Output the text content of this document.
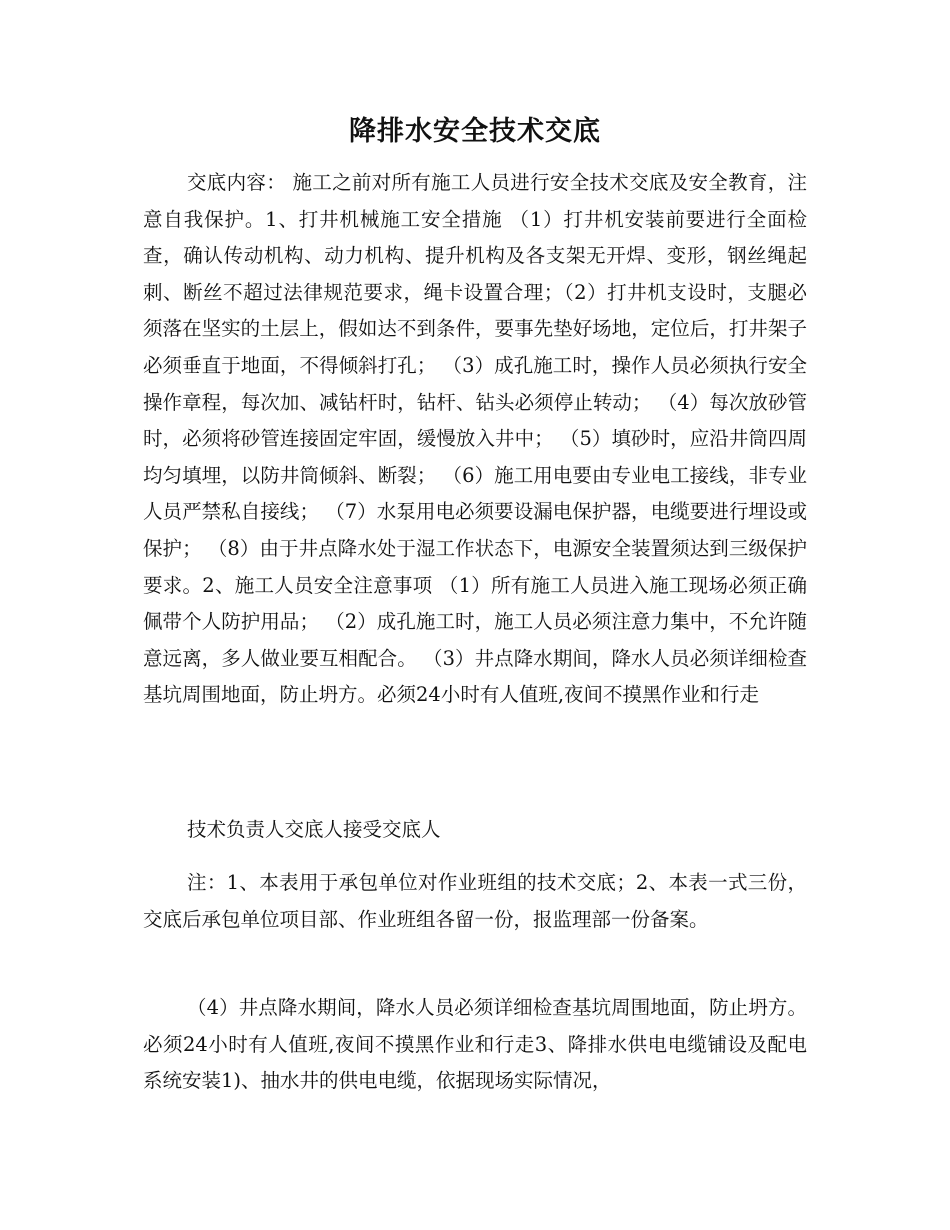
降排水安全技术交底

交底内容： 施工之前对所有施工人员进行安全技术交底及安全教育，注意自我保护。1、打井机械施工安全措施 （1）打井机安装前要进行全面检查，确认传动机构、动力机构、提升机构及各支架无开焊、变形，钢丝绳起刺、断丝不超过法律规范要求，绳卡设置合理；（2）打井机支设时，支腿必须落在坚实的土层上，假如达不到条件，要事先垫好场地，定位后，打井架子必须垂直于地面，不得倾斜打孔； （3）成孔施工时，操作人员必须执行安全操作章程，每次加、减钻杆时，钻杆、钻头必须停止转动； （4）每次放砂管时，必须将砂管连接固定牢固，缓慢放入井中； （5）填砂时，应沿井筒四周均匀填埋，以防井筒倾斜、断裂； （6）施工用电要由专业电工接线，非专业人员严禁私自接线； （7）水泵用电必须要设漏电保护器，电缆要进行埋设或保护； （8）由于井点降水处于湿工作状态下，电源安全装置须达到三级保护要求。2、施工人员安全注意事项 （1）所有施工人员进入施工现场必须正确佩带个人防护用品； （2）成孔施工时，施工人员必须注意力集中，不允许随意远离，多人做业要互相配合。 （3）井点降水期间，降水人员必须详细检查基坑周围地面，防止坍方。必须24小时有人值班,夜间不摸黑作业和行走

技术负责人交底人接受交底人

注：1、本表用于承包单位对作业班组的技术交底；2、本表一式三份，交底后承包单位项目部、作业班组各留一份，报监理部一份备案。

（4）井点降水期间，降水人员必须详细检查基坑周围地面，防止坍方。必须24小时有人值班,夜间不摸黑作业和行走3、降排水供电电缆铺设及配电系统安装1)、抽水井的供电电缆，依据现场实际情况，
